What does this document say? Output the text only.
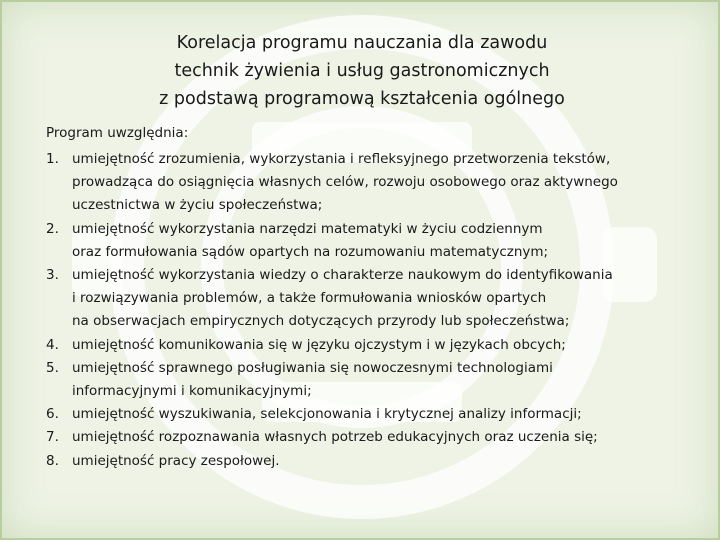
Korelacja programu nauczania dla zawodu
technik żywienia i usług gastronomicznych
z podstawą programową kształcenia ogólnego
Program uwzględnia:
1. umiejętność zrozumienia, wykorzystania i refleksyjnego przetworzenia tekstów,
prowadząca do osiągnięcia własnych celów, rozwoju osobowego oraz aktywnego
uczestnictwa w życiu społeczeństwa;
2. umiejętność wykorzystania narzędzi matematyki w życiu codziennym
oraz formułowania sądów opartych na rozumowaniu matematycznym;
3. umiejętność wykorzystania wiedzy o charakterze naukowym do identyfikowania
i rozwiązywania problemów, a także formułowania wniosków opartych
na obserwacjach empirycznych dotyczących przyrody lub społeczeństwa;
4. umiejętność komunikowania się w języku ojczystym i w językach obcych;
5. umiejętność sprawnego posługiwania się nowoczesnymi technologiami
informacyjnymi i komunikacyjnymi;
6. umiejętność wyszukiwania, selekcjonowania i krytycznej analizy informacji;
7. umiejętność rozpoznawania własnych potrzeb edukacyjnych oraz uczenia się;
8. umiejętność pracy zespołowej.
